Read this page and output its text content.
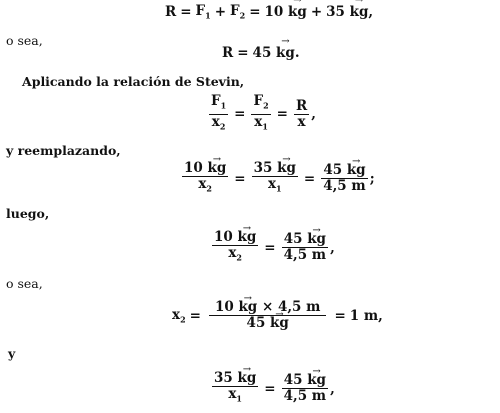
$R = F_1 + F_2 = 10$
→ kg + 35
→ kg ,
o sea,
R = 45
→ kg .
Aplicando la relación de Stevin,
$\frac{F_1}{x_2} = \frac{F_2}{x_1} = \frac{R}{x}$ ,
y reemplazando,
$\frac{10 \to kg}{x_2} = \frac{35 \to kg}{x_1} = \frac{45 \to kg}{4,5 m}$ ;
luego,
$\frac{10 \to kg}{x_2} = \frac{45 \to kg}{4,5 m}$ ,
o sea,
$x_2 = \frac{10 \to kg \times 4,5 m}{45 \to kg} = 1$ m ,
y
$\frac{35 \to kg}{x_1} = \frac{45 \to kg}{4,5 m}$ ,
